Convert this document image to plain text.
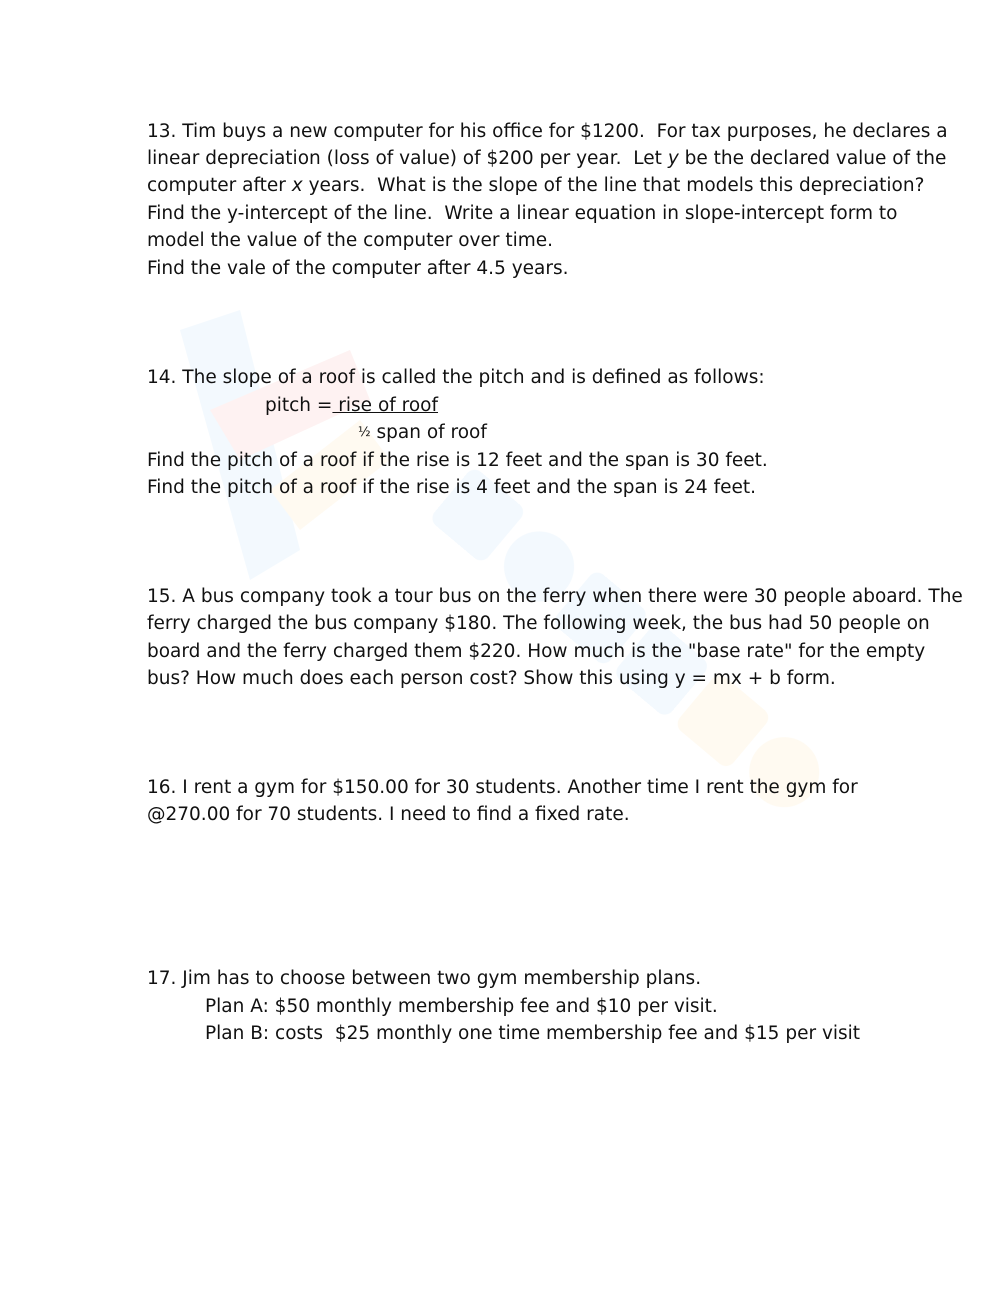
13. Tim buys a new computer for his office for $1200.  For tax purposes, he declares a
linear depreciation (loss of value) of $200 per year.  Let y be the declared value of the
computer after x years.  What is the slope of the line that models this depreciation?
Find the y-intercept of the line.  Write a linear equation in slope-intercept form to
model the value of the computer over time.
Find the vale of the computer after 4.5 years.
14. The slope of a roof is called the pitch and is defined as follows:
pitch = rise of roof
½ span of roof
Find the pitch of a roof if the rise is 12 feet and the span is 30 feet.
Find the pitch of a roof if the rise is 4 feet and the span is 24 feet.
15. A bus company took a tour bus on the ferry when there were 30 people aboard. The
ferry charged the bus company $180. The following week, the bus had 50 people on
board and the ferry charged them $220. How much is the "base rate" for the empty
bus? How much does each person cost? Show this using y = mx + b form.
16. I rent a gym for $150.00 for 30 students. Another time I rent the gym for
@270.00 for 70 students. I need to find a fixed rate.
17. Jim has to choose between two gym membership plans.
Plan A: $50 monthly membership fee and $10 per visit.
Plan B: costs  $25 monthly one time membership fee and $15 per visit
